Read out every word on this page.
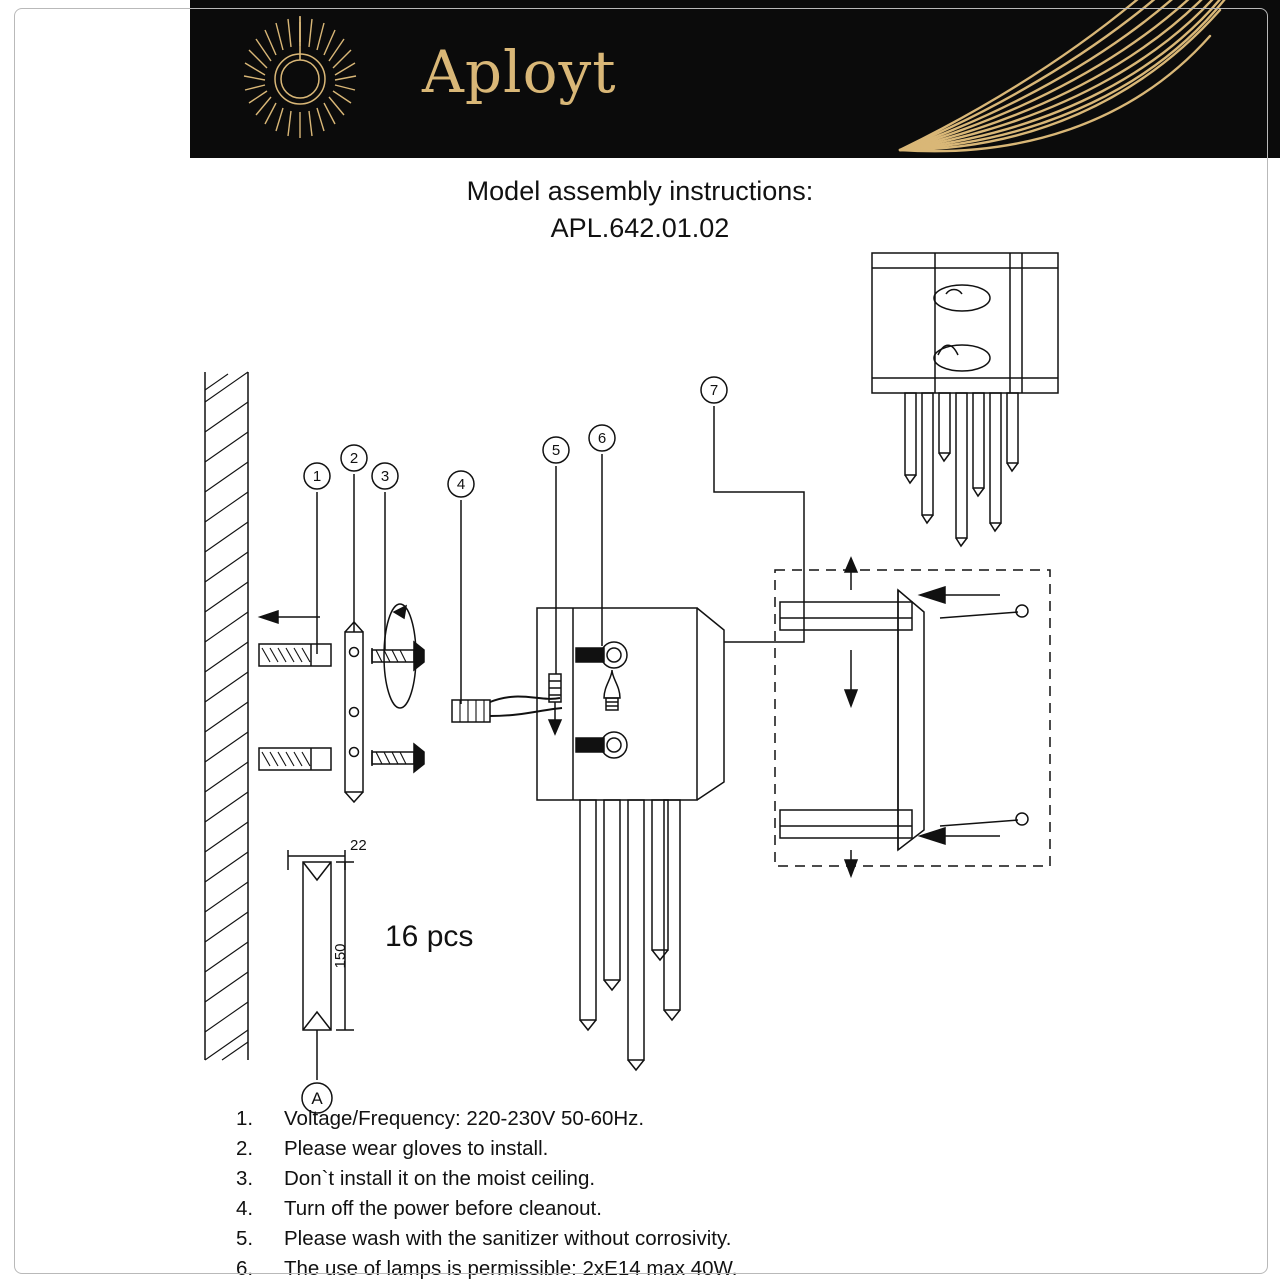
Aployt
Model assembly instructions:
APL.642.01.02
1
2
3	4
5
6
7
A
22
150
16 pcs
1.	Voltage/Frequency: 220-230V 50-60Hz.
2.	Please wear gloves to install.
3.	Don`t install it on the moist ceiling.
4.	Turn off the power before cleanout.
5.	Please wash with the sanitizer without corrosivity.
6.	The use of lamps is permissible: 2xE14 max 40W.
